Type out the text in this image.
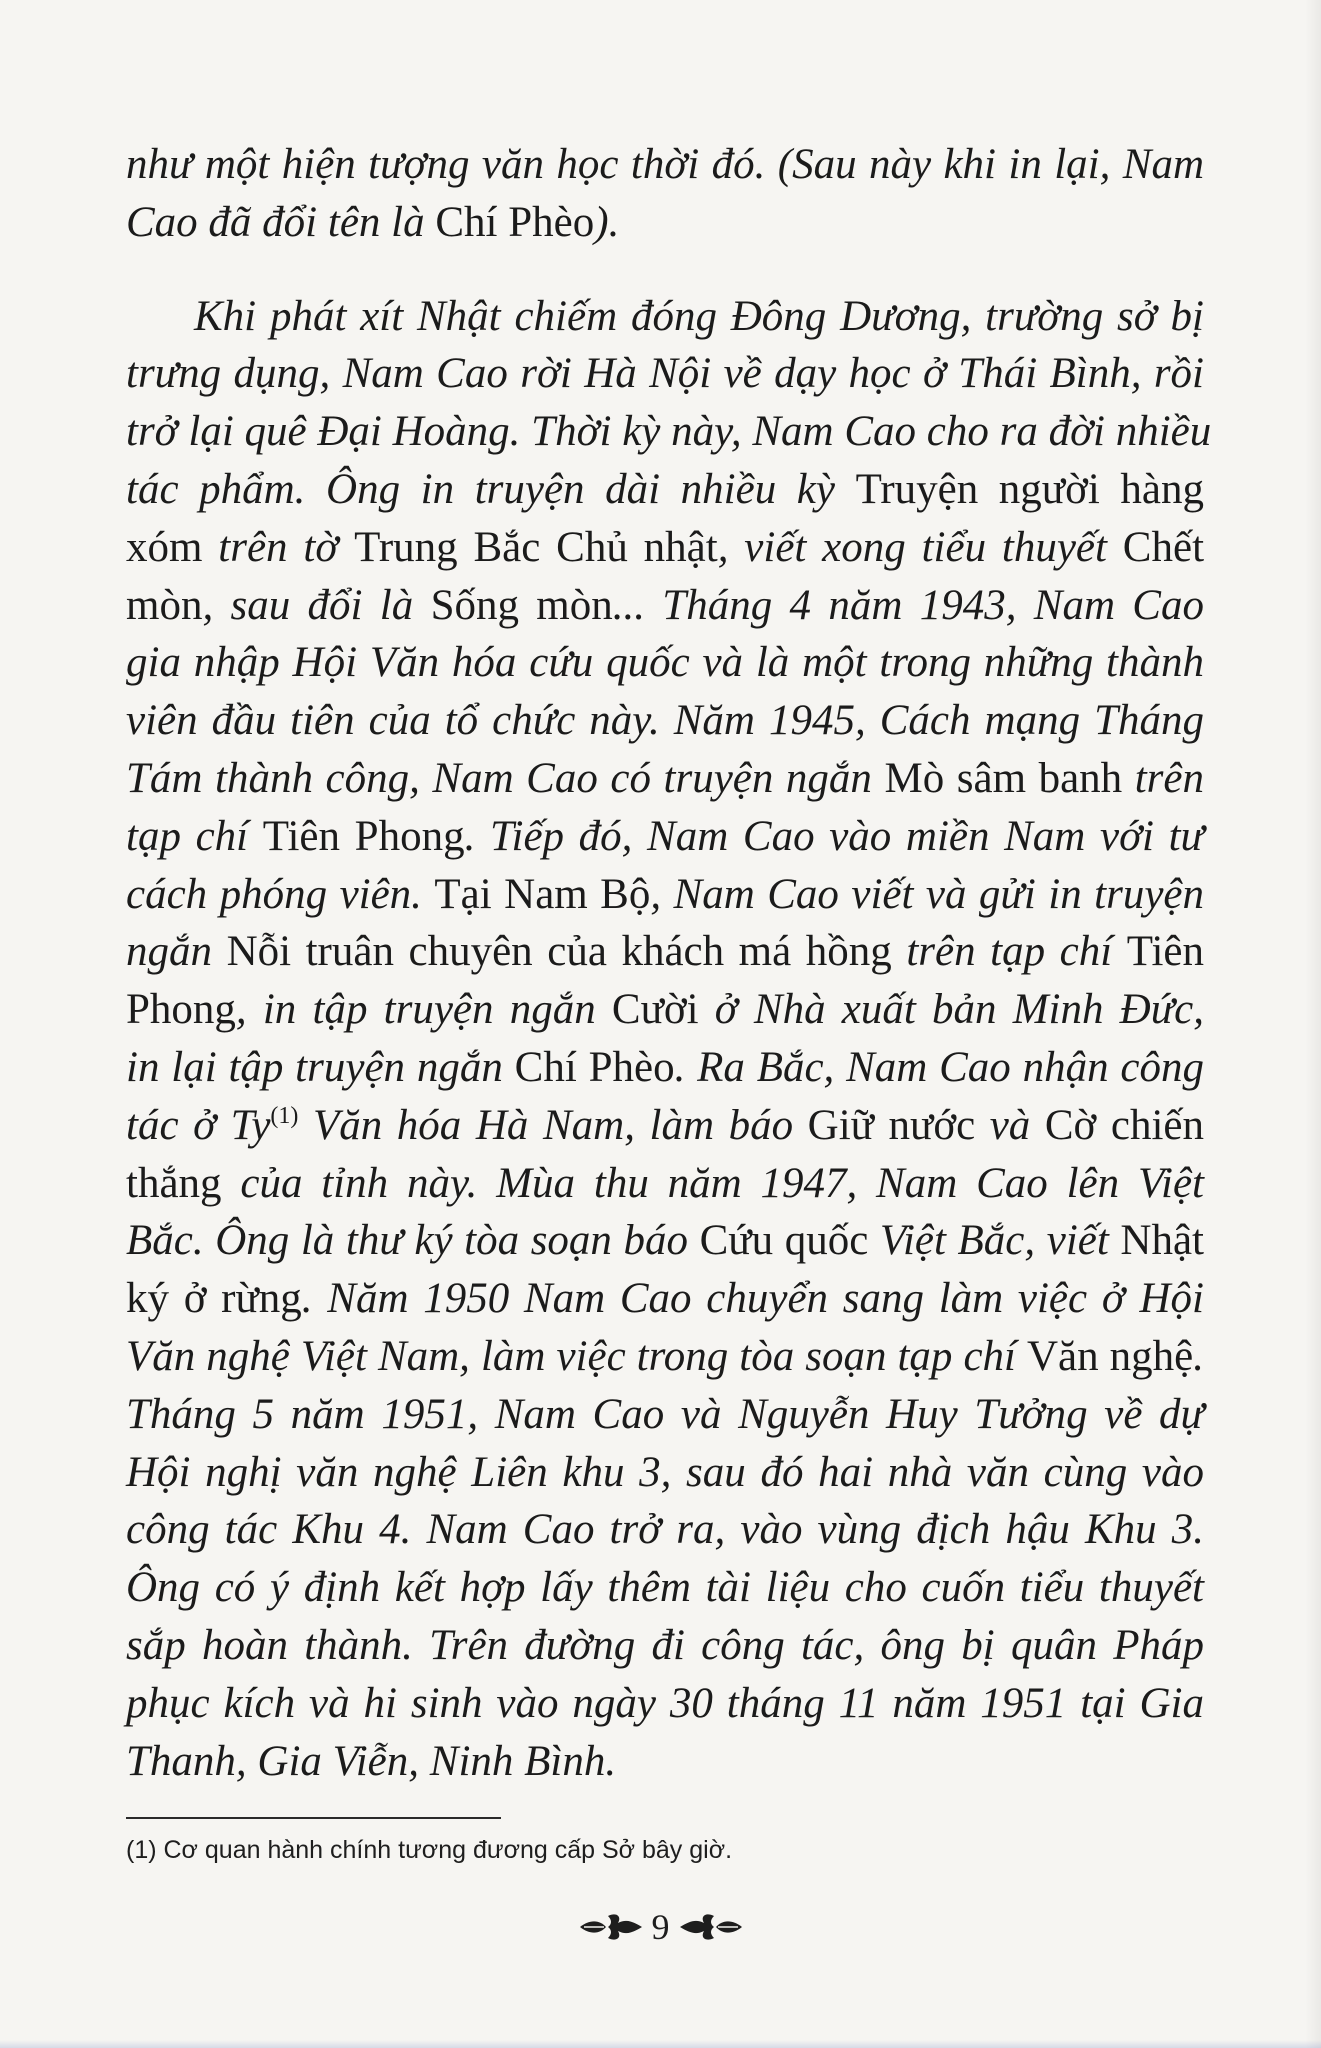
như một hiện tượng văn học thời đó. (Sau này khi in lại, Nam
Cao đã đổi tên là Chí Phèo).
Khi phát xít Nhật chiếm đóng Đông Dương, trường sở bị
trưng dụng, Nam Cao rời Hà Nội về dạy học ở Thái Bình, rồi
trở lại quê Đại Hoàng. Thời kỳ này, Nam Cao cho ra đời nhiều
tác phẩm. Ông in truyện dài nhiều kỳ Truyện người hàng
xóm trên tờ Trung Bắc Chủ nhật, viết xong tiểu thuyết Chết
mòn, sau đổi là Sống mòn... Tháng 4 năm 1943, Nam Cao
gia nhập Hội Văn hóa cứu quốc và là một trong những thành
viên đầu tiên của tổ chức này. Năm 1945, Cách mạng Tháng
Tám thành công, Nam Cao có truyện ngắn Mò sâm banh trên
tạp chí Tiên Phong. Tiếp đó, Nam Cao vào miền Nam với tư
cách phóng viên. Tại Nam Bộ, Nam Cao viết và gửi in truyện
ngắn Nỗi truân chuyên của khách má hồng trên tạp chí Tiên
Phong, in tập truyện ngắn Cười ở Nhà xuất bản Minh Đức,
in lại tập truyện ngắn Chí Phèo. Ra Bắc, Nam Cao nhận công
tác ở Ty$^{(1)}$ Văn hóa Hà Nam, làm báo Giữ nước và Cờ chiến
thắng của tỉnh này. Mùa thu năm 1947, Nam Cao lên Việt
Bắc. Ông là thư ký tòa soạn báo Cứu quốc Việt Bắc, viết Nhật
ký ở rừng. Năm 1950 Nam Cao chuyển sang làm việc ở Hội
Văn nghệ Việt Nam, làm việc trong tòa soạn tạp chí Văn nghệ.
Tháng 5 năm 1951, Nam Cao và Nguyễn Huy Tưởng về dự
Hội nghị văn nghệ Liên khu 3, sau đó hai nhà văn cùng vào
công tác Khu 4. Nam Cao trở ra, vào vùng địch hậu Khu 3.
Ông có ý định kết hợp lấy thêm tài liệu cho cuốn tiểu thuyết
sắp hoàn thành. Trên đường đi công tác, ông bị quân Pháp
phục kích và hi sinh vào ngày 30 tháng 11 năm 1951 tại Gia
Thanh, Gia Viễn, Ninh Bình.
(1) Cơ quan hành chính tương đương cấp Sở bây giờ.
9
